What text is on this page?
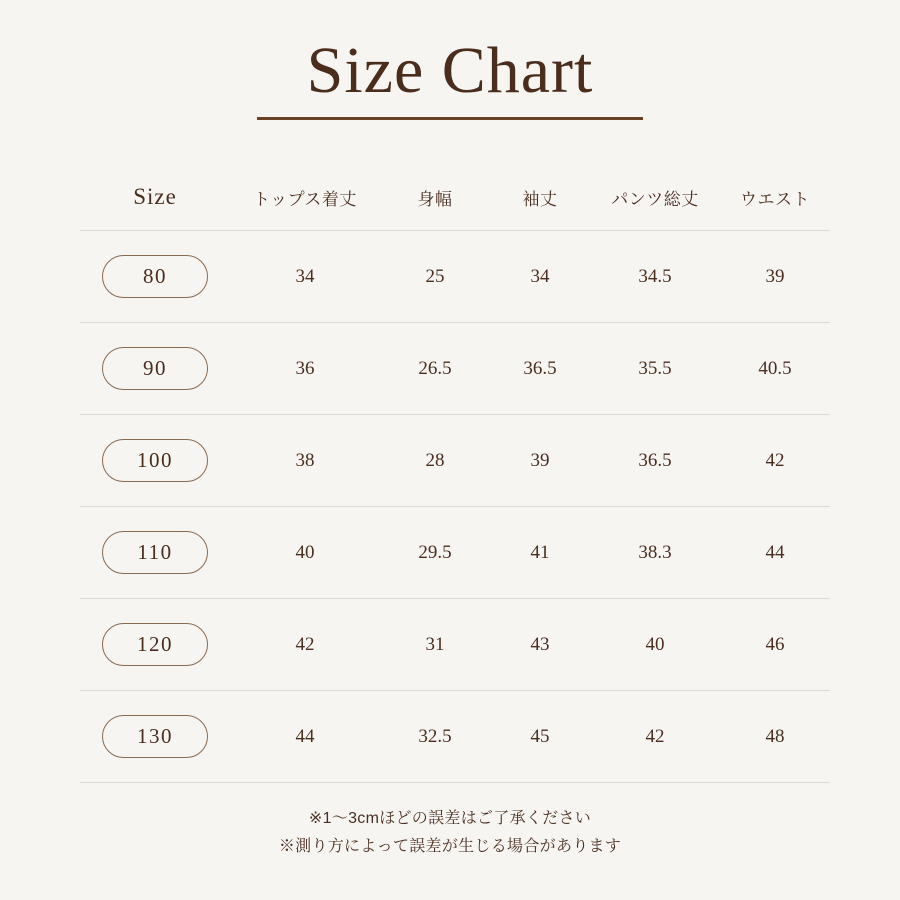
Size Chart
Size	トップス着丈	身幅	袖丈	パンツ総丈	ウエスト
80	34	25	34	34.5	39
90	36	26.5	36.5	35.5	40.5
100	38	28	39	36.5	42
110	40	29.5	41	38.3	44
120	42	31	43	40	46
130	44	32.5	45	42	48
※1〜3cmほどの誤差はご了承ください
※測り方によって誤差が生じる場合があります
